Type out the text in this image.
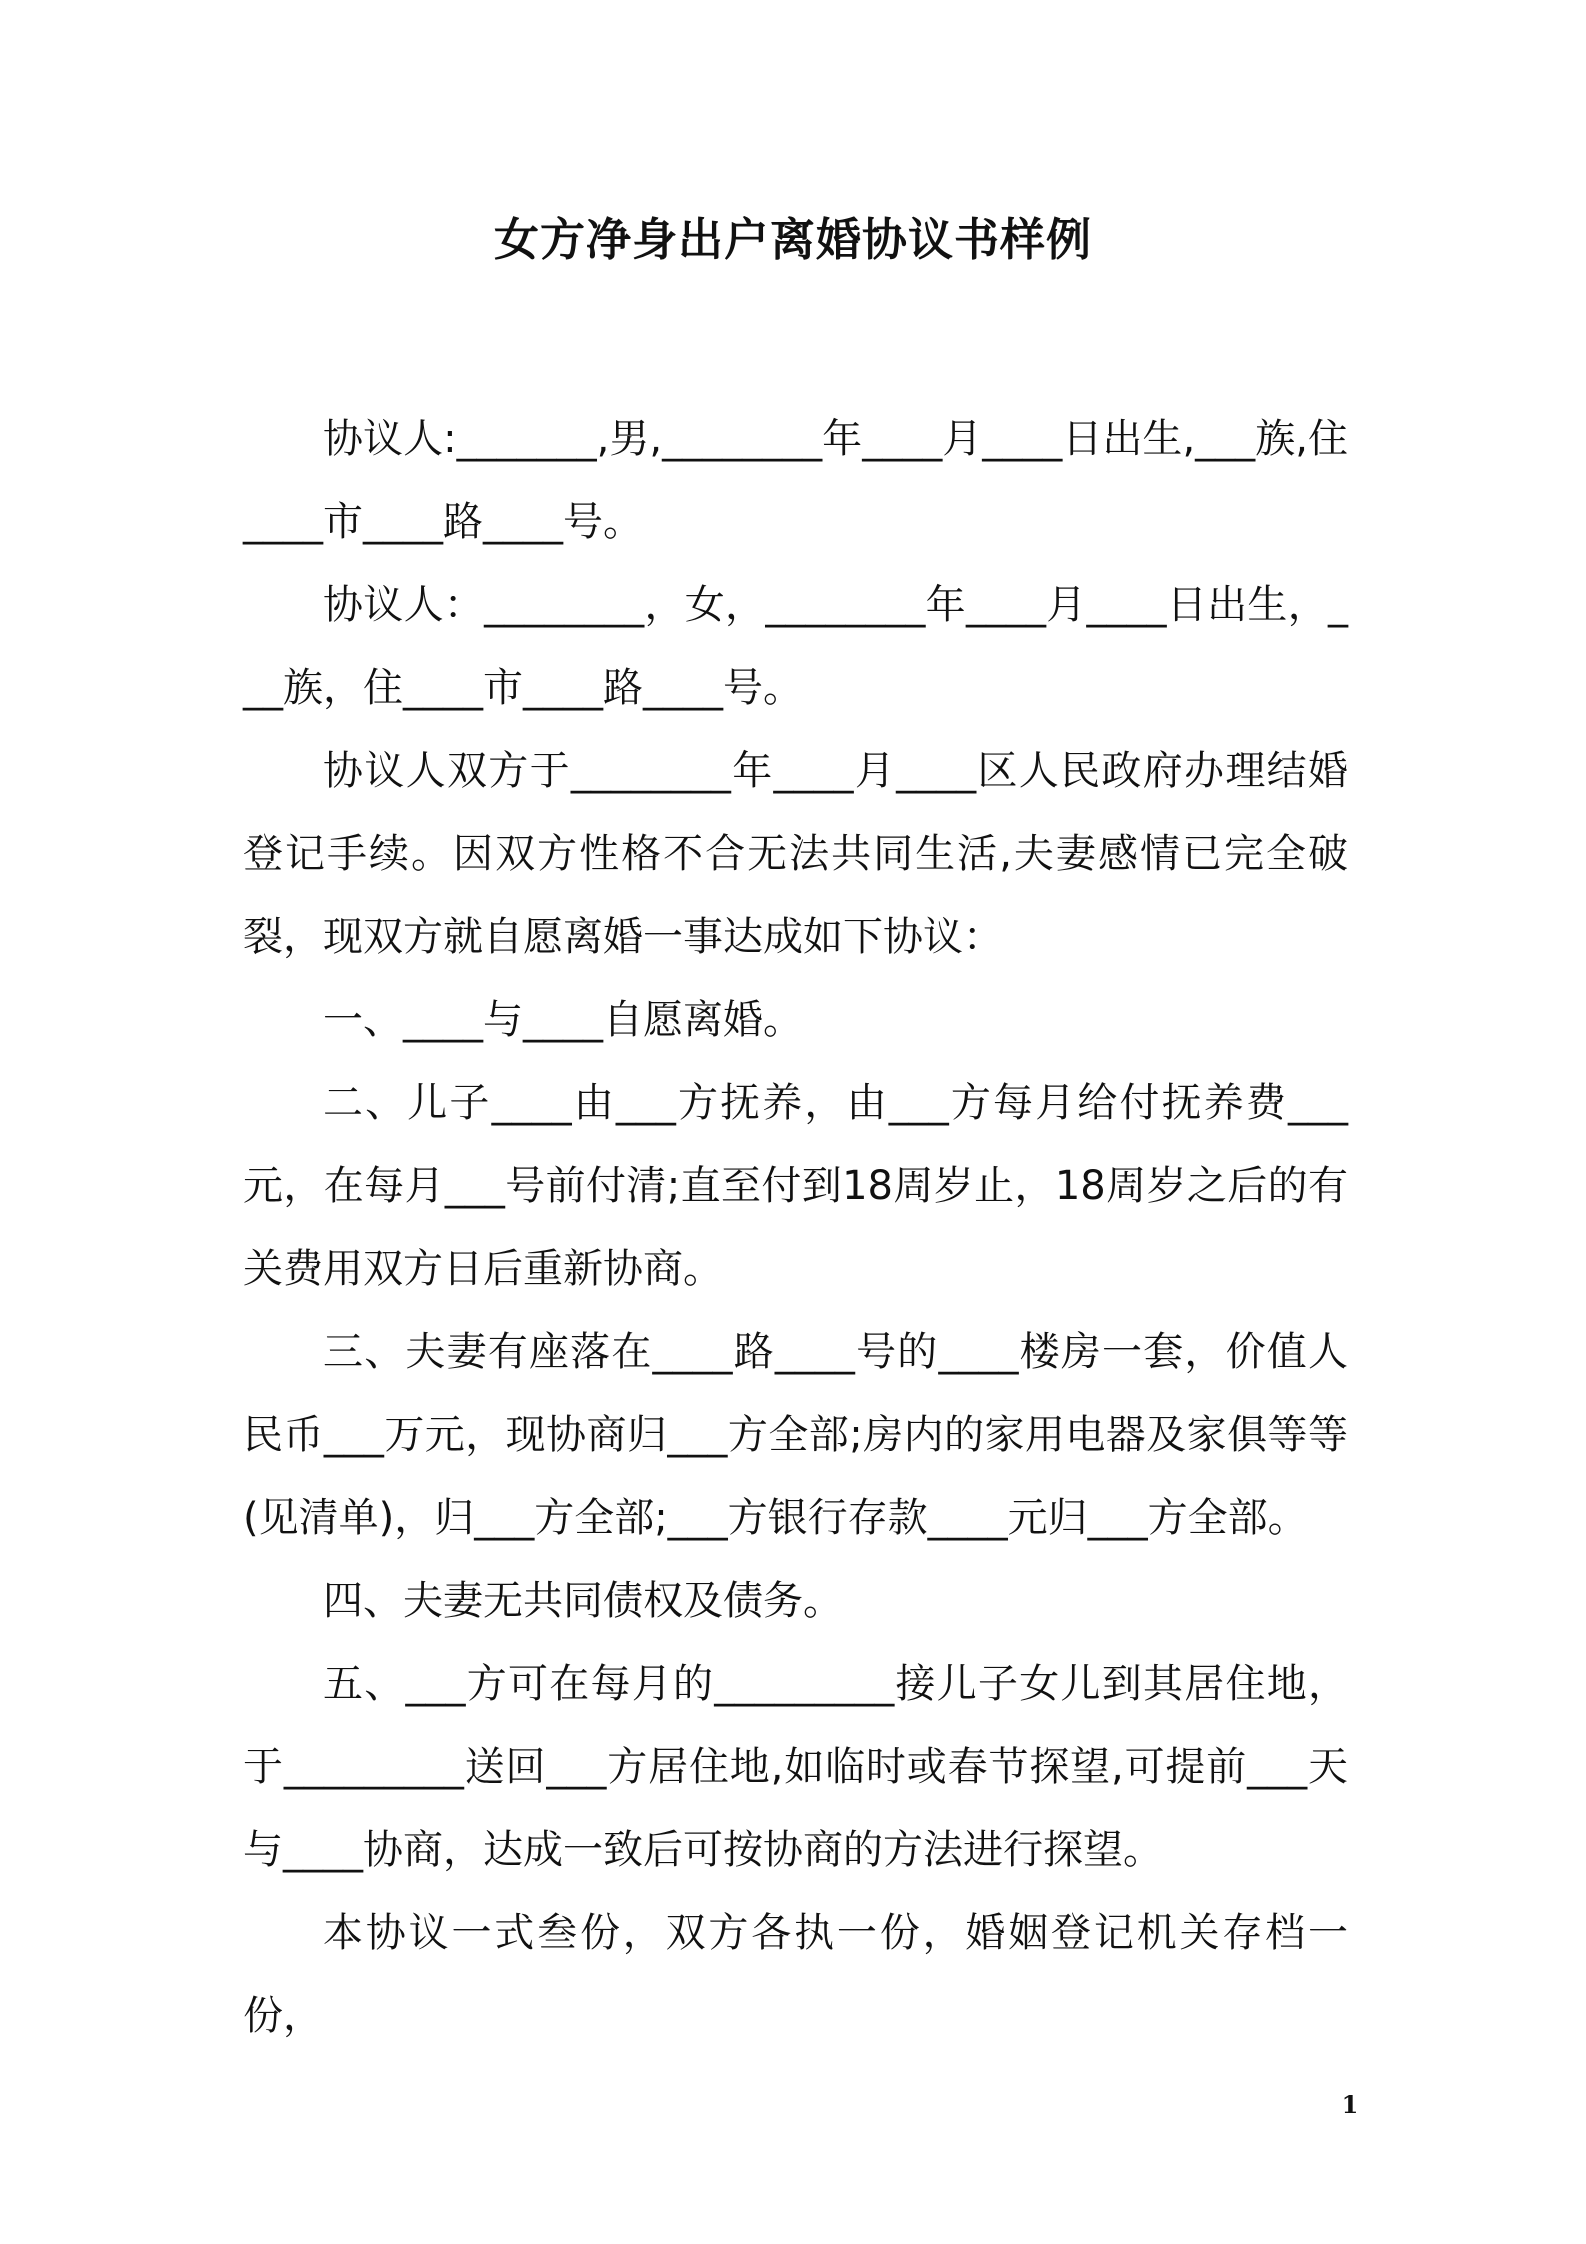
女方净身出户离婚协议书样例

协议人:_______,男,________年____月____日出生,___族,住____市____路____号。

协议人：________，女，________年____月____日出生，___族，住____市____路____号。

协议人双方于________年____月____区人民政府办理结婚登记手续。因双方性格不合无法共同生活,夫妻感情已完全破裂，现双方就自愿离婚一事达成如下协议：

一、____与____自愿离婚。

二、儿子____由___方抚养，由___方每月给付抚养费___元，在每月___号前付清;直至付到18周岁止，18周岁之后的有关费用双方日后重新协商。

三、夫妻有座落在____路____号的____楼房一套，价值人民币___万元，现协商归___方全部;房内的家用电器及家俱等等(见清单)，归___方全部;___方银行存款____元归___方全部。

四、夫妻无共同债权及债务。

五、___方可在每月的_________接儿子女儿到其居住地，于_________送回___方居住地,如临时或春节探望,可提前___天与____协商，达成一致后可按协商的方法进行探望。

本协议一式叁份，双方各执一份，婚姻登记机关存档一份，

1
